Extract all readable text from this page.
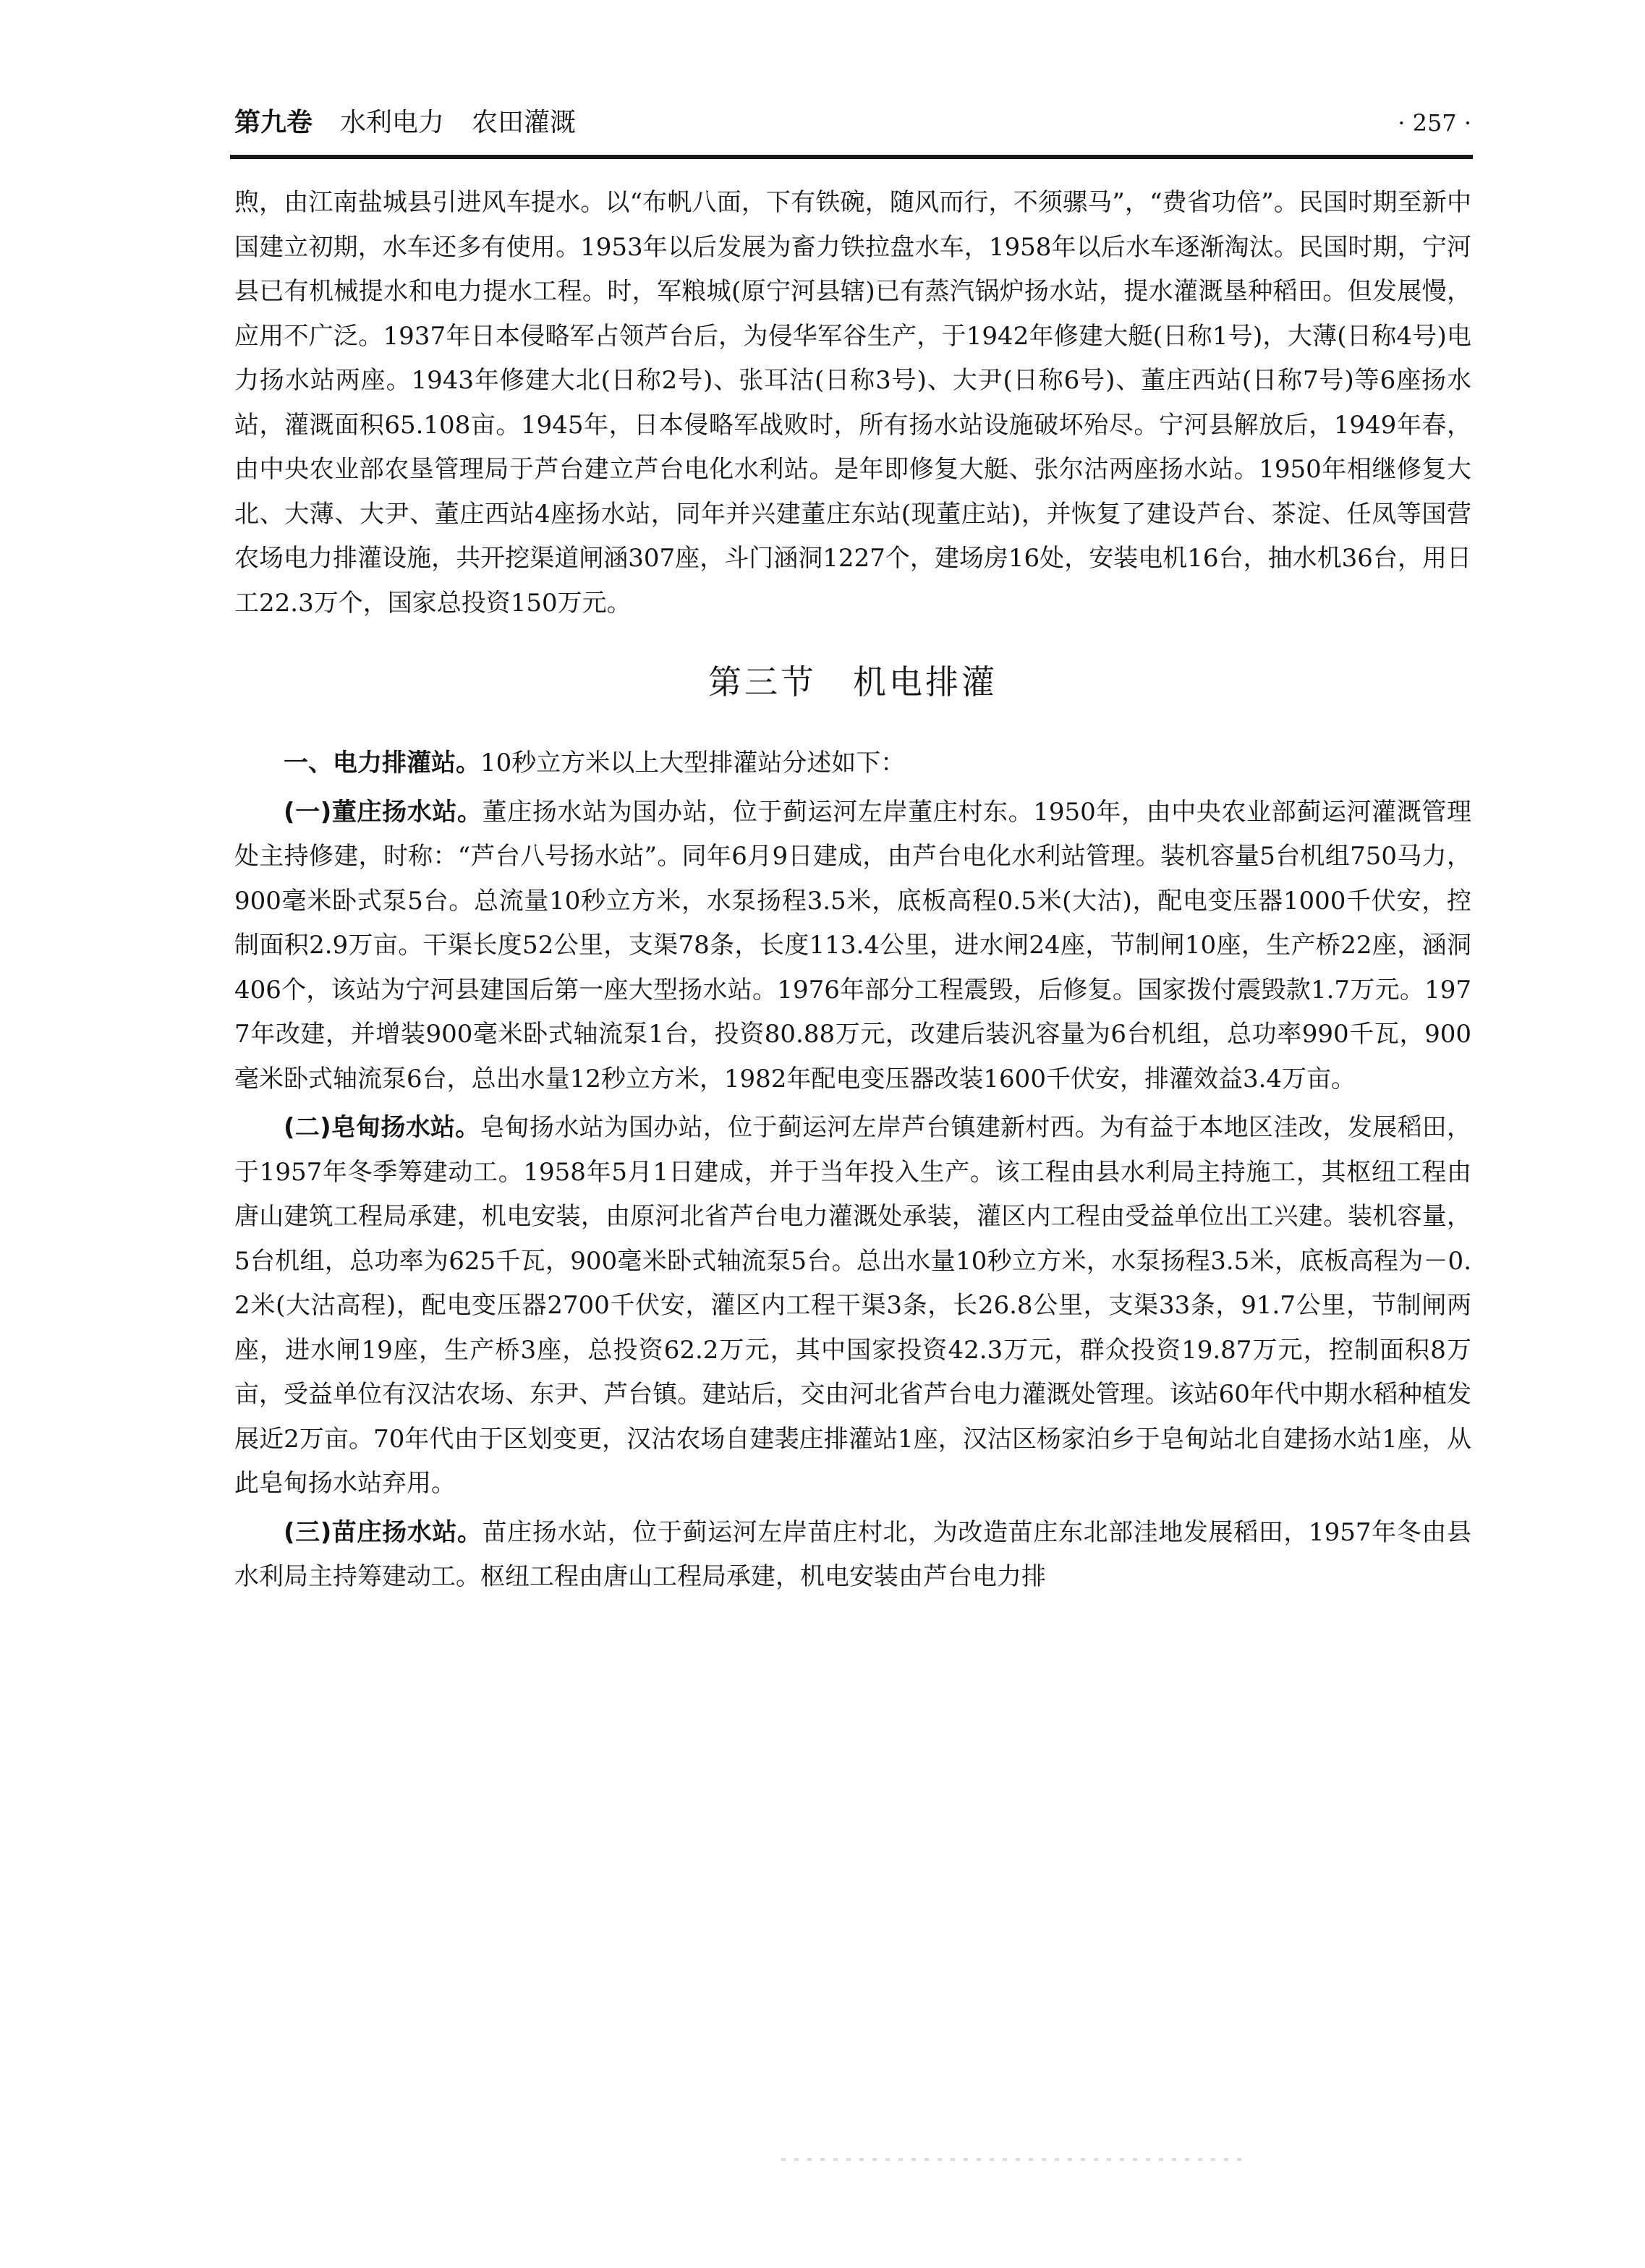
第九卷 水利电力 农田灌溉	· 257 ·

煦，由江南盐城县引进风车提水。以“布帆八面，下有铁碗，随风而行，不须骡马”，“费省功倍”。民国时期至新中国建立初期，水车还多有使用。1953年以后发展为畜力铁拉盘水车，1958年以后水车逐渐淘汰。民国时期，宁河县已有机械提水和电力提水工程。时，军粮城(原宁河县辖)已有蒸汽锅炉扬水站，提水灌溉垦种稻田。但发展慢，应用不广泛。1937年日本侵略军占领芦台后，为侵华军谷生产，于1942年修建大艇(日称1号)，大薄(日称4号)电力扬水站两座。1943年修建大北(日称2号)、张耳沽(日称3号)、大尹(日称6号)、董庄西站(日称7号)等6座扬水站，灌溉面积65.108亩。1945年，日本侵略军战败时，所有扬水站设施破坏殆尽。宁河县解放后，1949年春，由中央农业部农垦管理局于芦台建立芦台电化水利站。是年即修复大艇、张尔沽两座扬水站。1950年相继修复大北、大薄、大尹、董庄西站4座扬水站，同年并兴建董庄东站(现董庄站)，并恢复了建设芦台、茶淀、任凤等国营农场电力排灌设施，共开挖渠道闸涵307座，斗门涵洞1227个，建场房16处，安装电机16台，抽水机36台，用日工22.3万个，国家总投资150万元。

第三节　机电排灌

一、电力排灌站。10秒立方米以上大型排灌站分述如下：

(一)董庄扬水站。董庄扬水站为国办站，位于蓟运河左岸董庄村东。1950年，由中央农业部蓟运河灌溉管理处主持修建，时称：“芦台八号扬水站”。同年6月9日建成，由芦台电化水利站管理。装机容量5台机组750马力，900毫米卧式泵5台。总流量10秒立方米，水泵扬程3.5米，底板高程0.5米(大沽)，配电变压器1000千伏安，控制面积2.9万亩。干渠长度52公里，支渠78条，长度113.4公里，进水闸24座，节制闸10座，生产桥22座，涵洞406个，该站为宁河县建国后第一座大型扬水站。1976年部分工程震毁，后修复。国家拨付震毁款1.7万元。1977年改建，并增装900毫米卧式轴流泵1台，投资80.88万元，改建后装汎容量为6台机组，总功率990千瓦，900毫米卧式轴流泵6台，总出水量12秒立方米，1982年配电变压器改装1600千伏安，排灌效益3.4万亩。

(二)皂甸扬水站。皂甸扬水站为国办站，位于蓟运河左岸芦台镇建新村西。为有益于本地区洼改，发展稻田，于1957年冬季筹建动工。1958年5月1日建成，并于当年投入生产。该工程由县水利局主持施工，其枢纽工程由唐山建筑工程局承建，机电安装，由原河北省芦台电力灌溉处承装，灌区内工程由受益单位出工兴建。装机容量，5台机组，总功率为625千瓦，900毫米卧式轴流泵5台。总出水量10秒立方米，水泵扬程3.5米，底板高程为－0.2米(大沽高程)，配电变压器2700千伏安，灌区内工程干渠3条，长26.8公里，支渠33条，91.7公里，节制闸两座，进水闸19座，生产桥3座，总投资62.2万元，其中国家投资42.3万元，群众投资19.87万元，控制面积8万亩，受益单位有汉沽农场、东尹、芦台镇。建站后，交由河北省芦台电力灌溉处管理。该站60年代中期水稻种植发展近2万亩。70年代由于区划变更，汉沽农场自建裴庄排灌站1座，汉沽区杨家泊乡于皂甸站北自建扬水站1座，从此皂甸扬水站弃用。

(三)苗庄扬水站。苗庄扬水站，位于蓟运河左岸苗庄村北，为改造苗庄东北部洼地发展稻田，1957年冬由县水利局主持筹建动工。枢纽工程由唐山工程局承建，机电安装由芦台电力排
